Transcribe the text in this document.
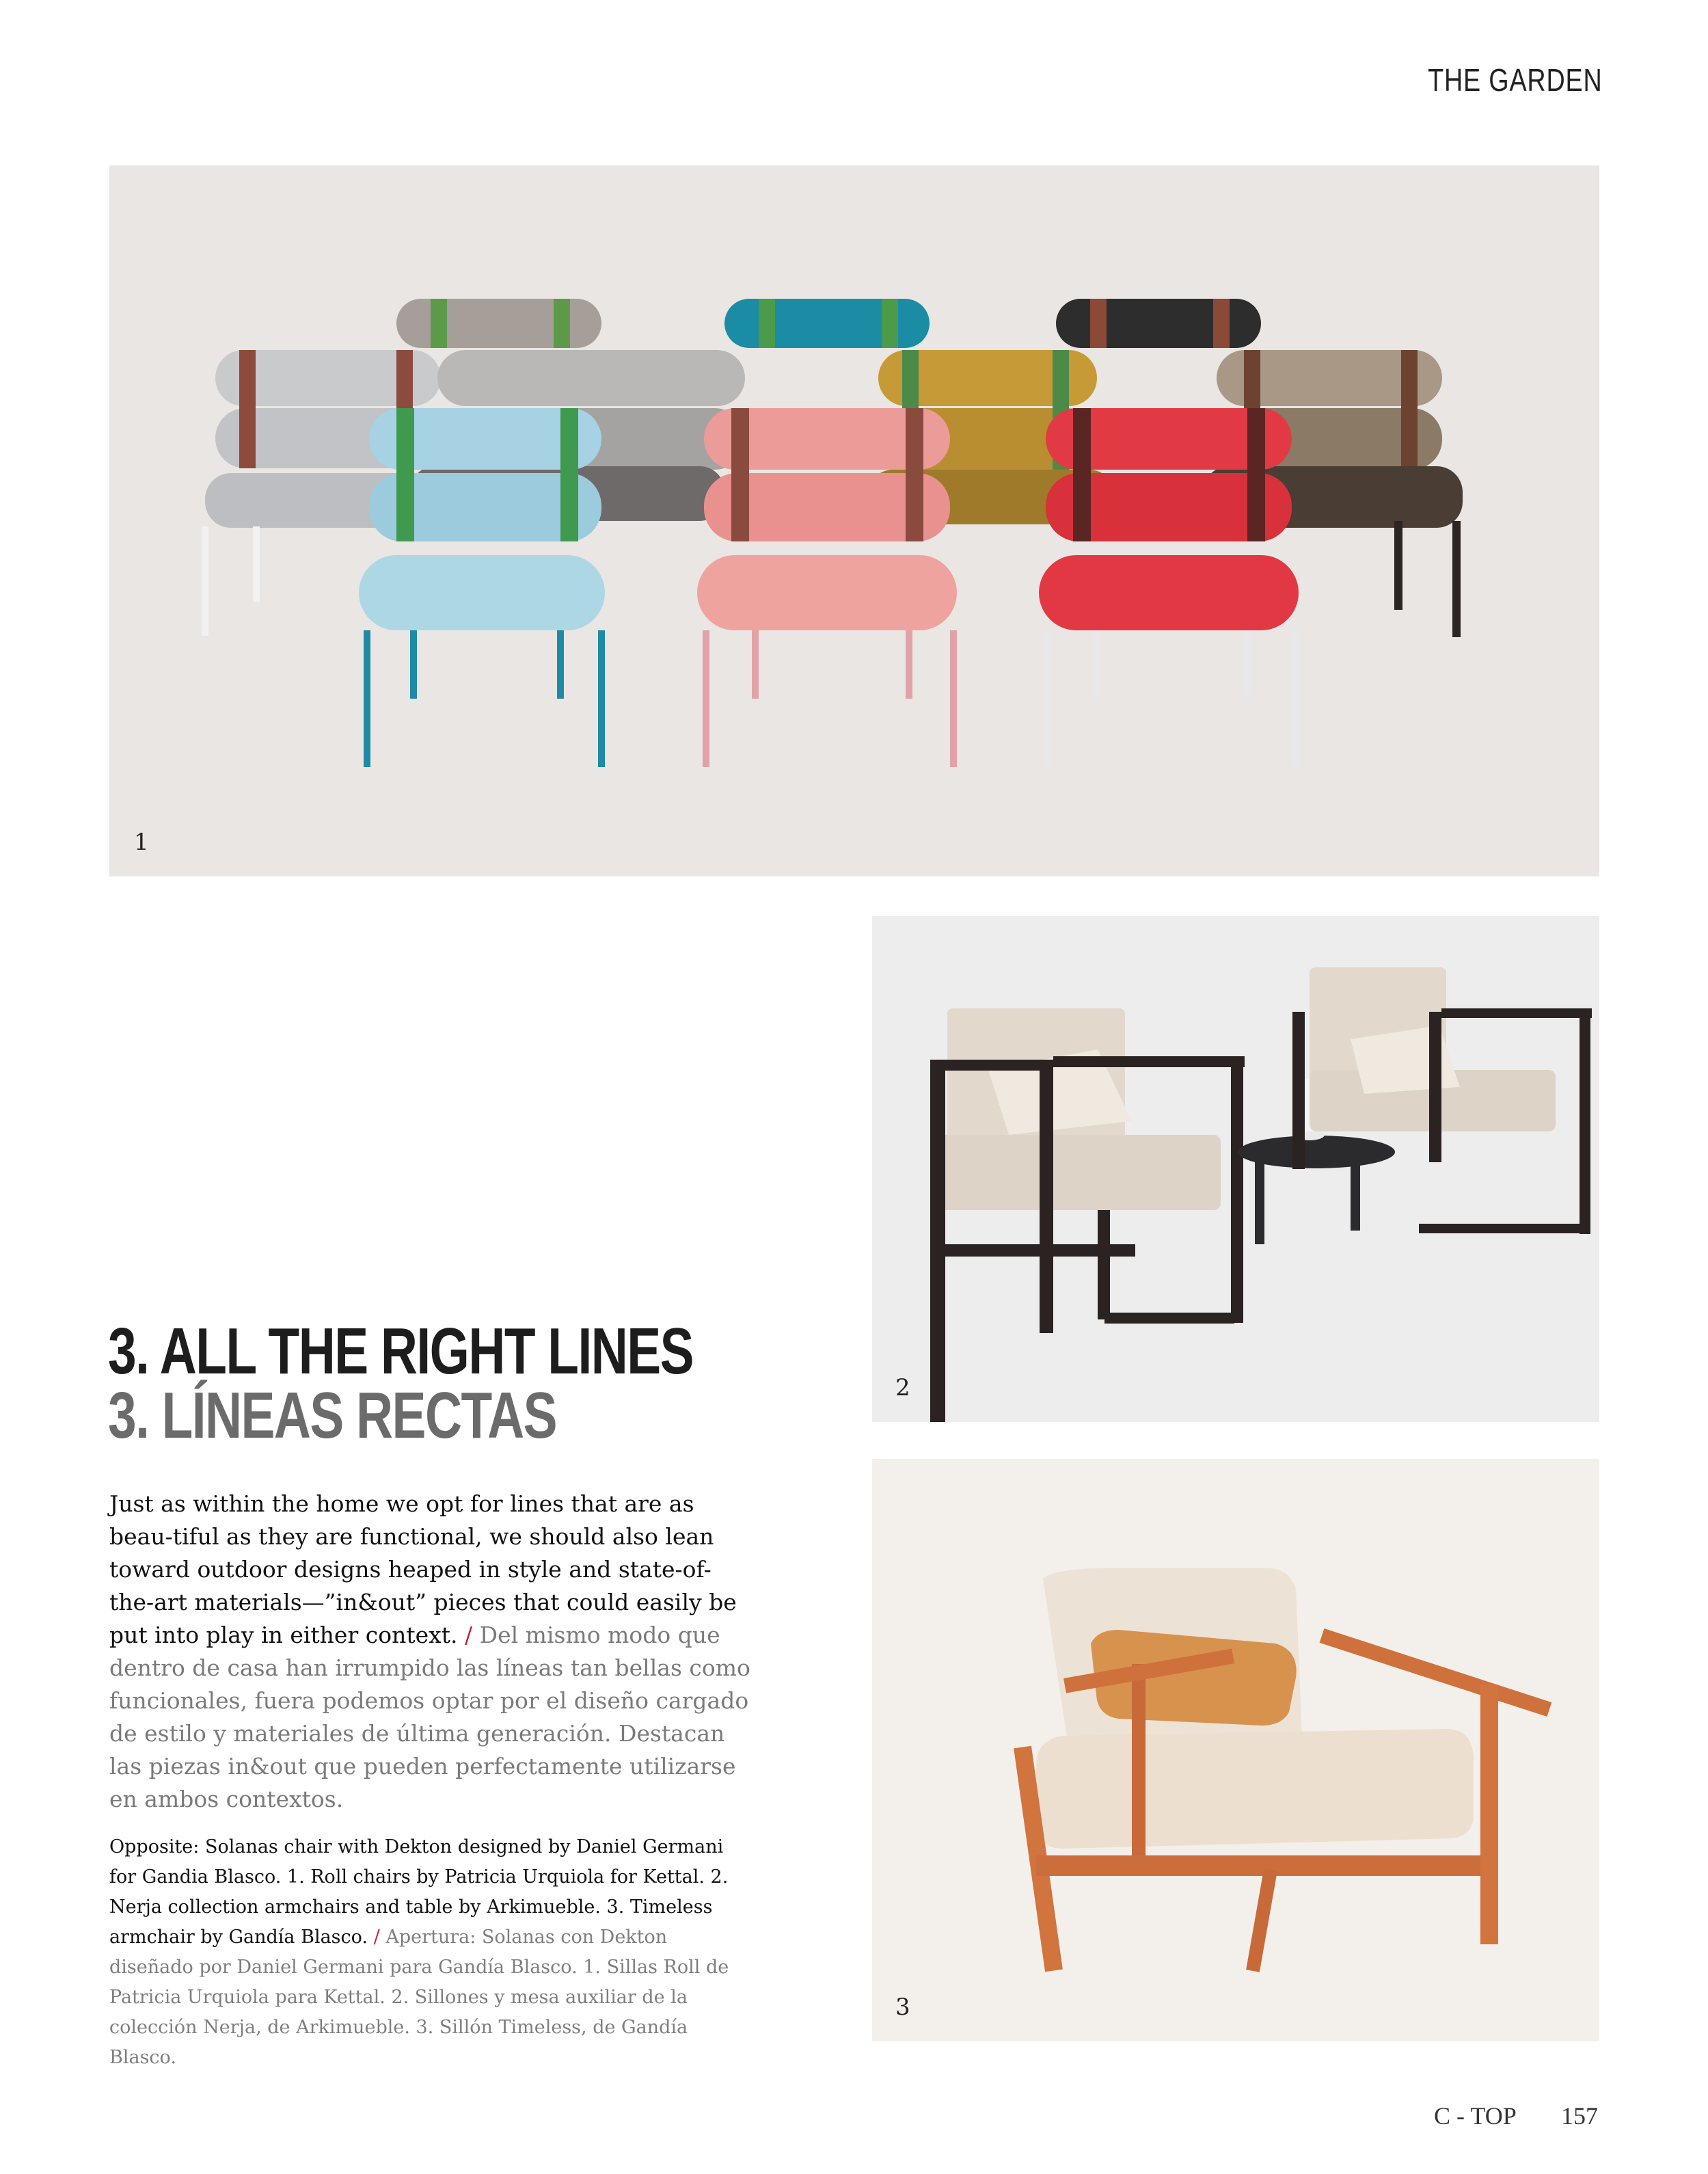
THE GARDEN
1
2
3
3. ALL THE RIGHT LINES
3. LÍNEAS RECTAS
Just as within the home we opt for lines that are as beau-tiful as they are functional, we should also lean toward outdoor designs heaped in style and state-of-the-art materials—”in&out” pieces that could easily be put into play in either context. / Del mismo modo que dentro de casa han irrumpido las líneas tan bellas como funcionales, fuera podemos optar por el diseño cargado de estilo y materiales de última generación. Destacan las piezas in&out que pueden perfectamente utilizarse en ambos contextos.
Opposite: Solanas chair with Dekton designed by Daniel Germani for Gandia Blasco. 1. Roll chairs by Patricia Urquiola for Kettal. 2. Nerja collection armchairs and table by Arkimueble. 3. Timeless armchair by Gandía Blasco. / Apertura: Solanas con Dekton diseñado por Daniel Germani para Gandía Blasco. 1. Sillas Roll de Patricia Urquiola para Kettal. 2. Sillones y mesa auxiliar de la colección Nerja, de Arkimueble. 3. Sillón Timeless, de Gandía Blasco.
C - TOP 157
